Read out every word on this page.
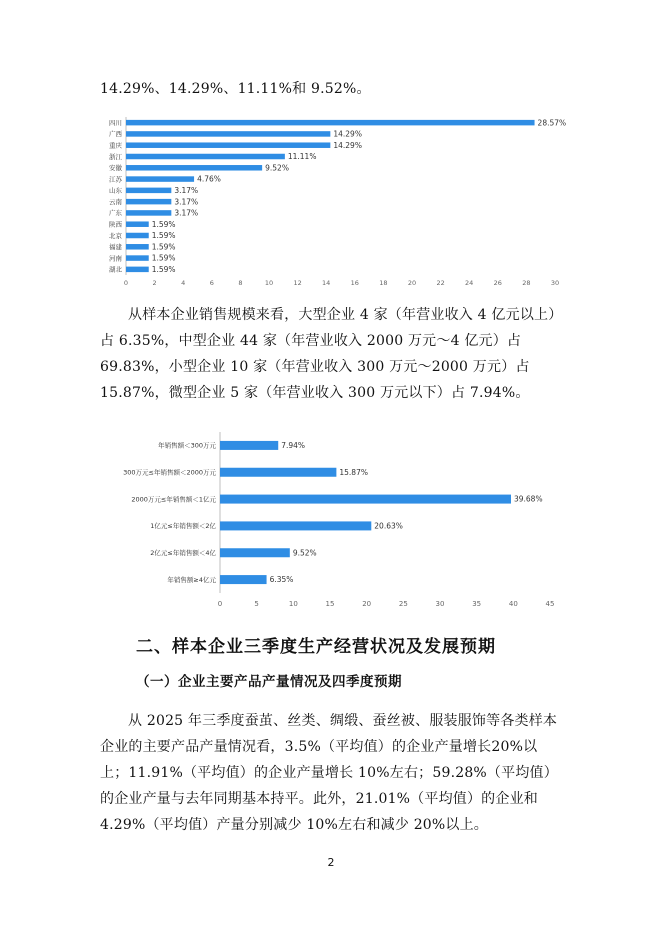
14.29%、14.29%、11.11%和 9.52%。

四川	28.57%
广西	14.29%
重庆	14.29%
浙江	11.11%
安徽	9.52%
江苏	4.76%
山东	3.17%
云南	3.17%
广东	3.17%
陕西	1.59%
北京	1.59%
福建	1.59%
河南	1.59%
湖北	1.59%
0	2	4	6	8	10	12	14	16	18	20	22	24	26	28	30

从样本企业销售规模来看，大型企业 4 家（年营业收入 4 亿元以上）占 6.35%，中型企业 44 家（年营业收入 2000 万元～4 亿元）占 69.83%，小型企业 10 家（年营业收入 300 万元～2000 万元）占 15.87%，微型企业 5 家（年营业收入 300 万元以下）占 7.94%。

年销售额＜300万元	7.94%
300万元≤年销售额＜2000万元	15.87%
2000万元≤年销售额＜1亿元	39.68%
1亿元≤年销售额＜2亿	20.63%
2亿元≤年销售额＜4亿	9.52%
年销售额≥4亿元	6.35%
0	5	10	15	20	25	30	35	40	45
二、样本企业三季度生产经营状况及发展预期
（一）企业主要产品产量情况及四季度预期

从 2025 年三季度蚕茧、丝类、绸缎、蚕丝被、服装服饰等各类样本企业的主要产品产量情况看，3.5%（平均值）的企业产量增长20%以上；11.91%（平均值）的企业产量增长 10%左右；59.28%（平均值）的企业产量与去年同期基本持平。此外，21.01%（平均值）的企业和 4.29%（平均值）产量分别减少 10%左右和减少 20%以上。

2
